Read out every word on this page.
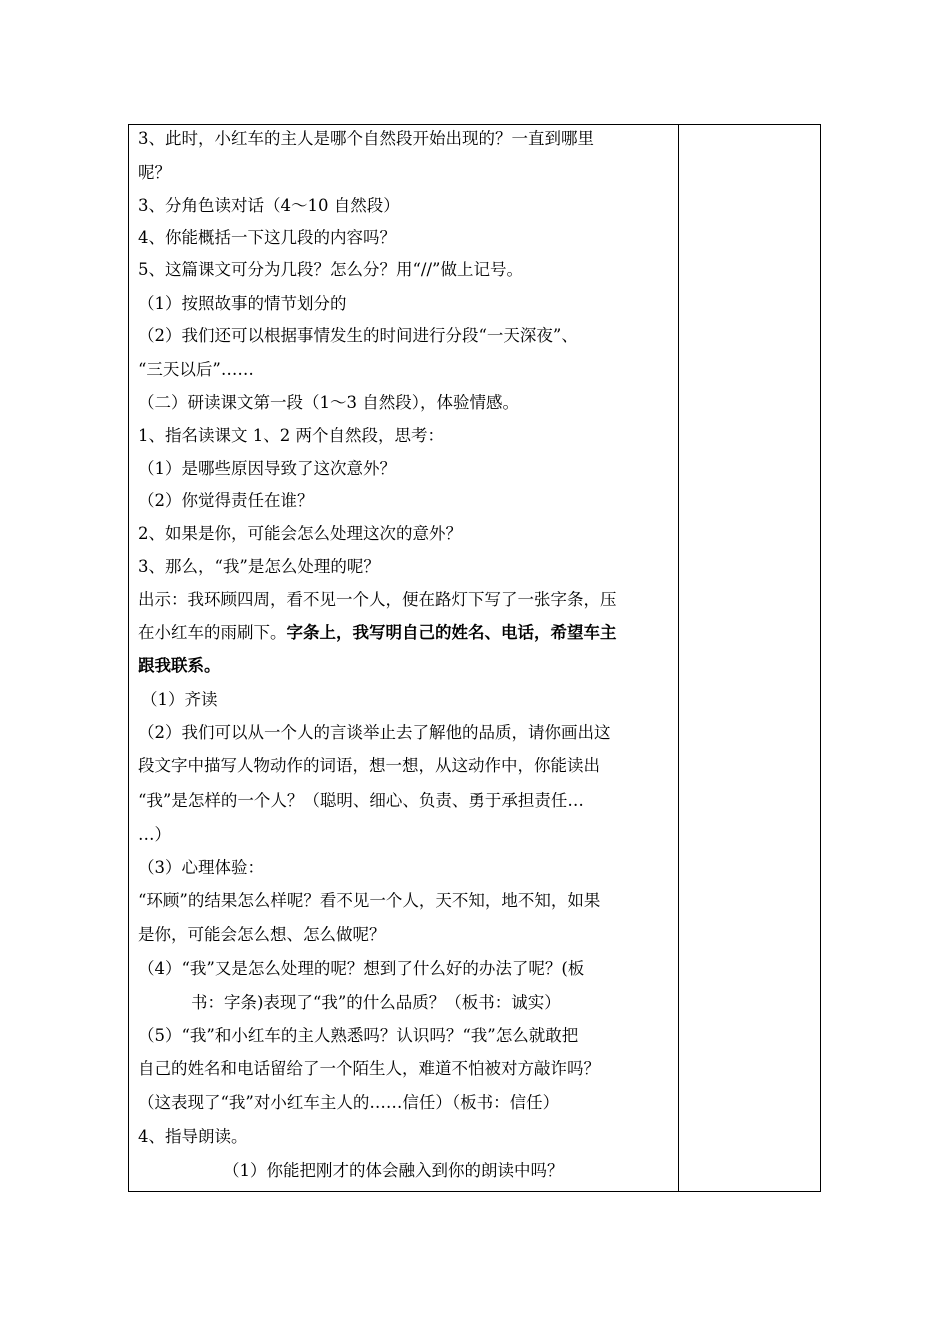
3、此时，小红车的主人是哪个自然段开始出现的？一直到哪里
呢？
3、分角色读对话（4～10 自然段）
4、你能概括一下这几段的内容吗？
5、这篇课文可分为几段？怎么分？用“//”做上记号。
（1）按照故事的情节划分的
（2）我们还可以根据事情发生的时间进行分段“一天深夜”、
“三天以后”……
（二）研读课文第一段（1～3 自然段），体验情感。
1、指名读课文 1、2 两个自然段，思考：
（1）是哪些原因导致了这次意外？
（2）你觉得责任在谁？
2、如果是你，可能会怎么处理这次的意外？
3、那么，“我”是怎么处理的呢？
出示：我环顾四周，看不见一个人，便在路灯下写了一张字条，压
在小红车的雨刷下。字条上，我写明自己的姓名、电话，希望车主
跟我联系。
（1）齐读
（2）我们可以从一个人的言谈举止去了解他的品质，请你画出这
段文字中描写人物动作的词语，想一想，从这动作中，你能读出
“我”是怎样的一个人？（聪明、细心、负责、勇于承担责任…
…）
（3）心理体验：
“环顾”的结果怎么样呢？看不见一个人，天不知，地不知，如果
是你，可能会怎么想、怎么做呢？
（4）“我”又是怎么处理的呢？想到了什么好的办法了呢？(板
书：字条)表现了“我”的什么品质？（板书：诚实）
（5）“我”和小红车的主人熟悉吗？认识吗？“我”怎么就敢把
自己的姓名和电话留给了一个陌生人，难道不怕被对方敲诈吗？
（这表现了“我”对小红车主人的……信任）（板书：信任）
4、指导朗读。
（1）你能把刚才的体会融入到你的朗读中吗？
